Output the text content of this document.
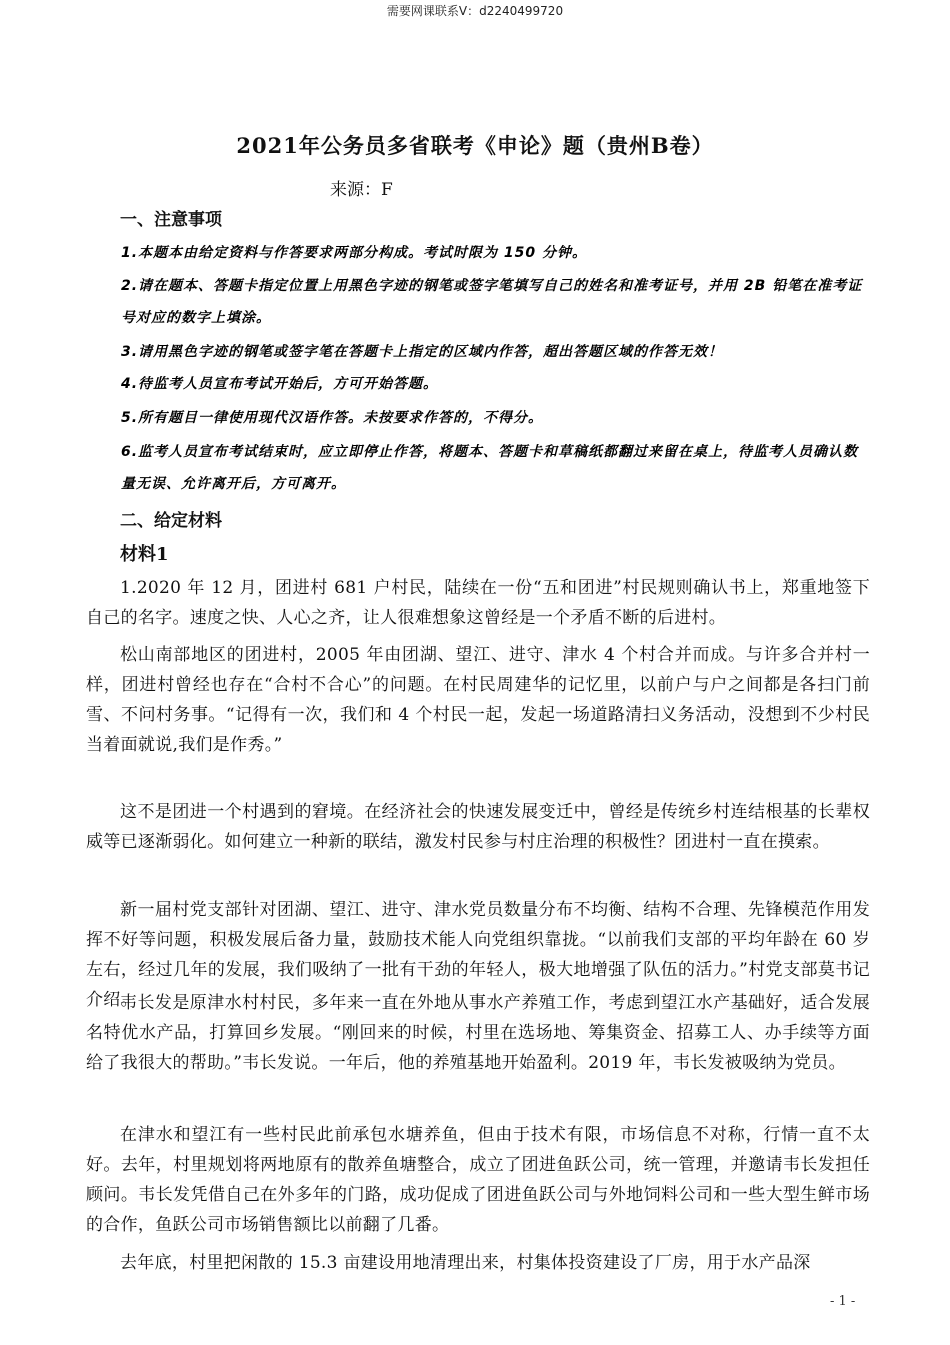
需要网课联系V：d2240499720
2021年公务员多省联考《申论》题（贵州B卷）
来源：F
一、注意事项
1.本题本由给定资料与作答要求两部分构成。考试时限为 150 分钟。
2.请在题本、答题卡指定位置上用黑色字迹的钢笔或签字笔填写自己的姓名和准考证号，并用 2B 铅笔在准考证号对应的数字上填涂。
3.请用黑色字迹的钢笔或签字笔在答题卡上指定的区域内作答，超出答题区域的作答无效！
4.待监考人员宣布考试开始后，方可开始答题。
5.所有题目一律使用现代汉语作答。未按要求作答的，不得分。
6.监考人员宣布考试结束时，应立即停止作答，将题本、答题卡和草稿纸都翻过来留在桌上，待监考人员确认数量无误、允许离开后，方可离开。
二、给定材料
材料1
1.2020 年 12 月，团进村 681 户村民，陆续在一份“五和团进”村民规则确认书上，郑重地签下自己的名字。速度之快、人心之齐，让人很难想象这曾经是一个矛盾不断的后进村。
松山南部地区的团进村，2005 年由团湖、望江、进守、津水 4 个村合并而成。与许多合并村一样，团进村曾经也存在“合村不合心”的问题。在村民周建华的记忆里，以前户与户之间都是各扫门前雪、不问村务事。“记得有一次，我们和 4 个村民一起，发起一场道路清扫义务活动，没想到不少村民当着面就说,我们是作秀。”
这不是团进一个村遇到的窘境。在经济社会的快速发展变迁中，曾经是传统乡村连结根基的长辈权威等已逐渐弱化。如何建立一种新的联结，激发村民参与村庄治理的积极性？团进村一直在摸索。
新一届村党支部针对团湖、望江、进守、津水党员数量分布不均衡、结构不合理、先锋模范作用发挥不好等问题，积极发展后备力量，鼓励技术能人向党组织靠拢。“以前我们支部的平均年龄在 60 岁左右，经过几年的发展，我们吸纳了一批有干劲的年轻人，极大地增强了队伍的活力。”村党支部莫书记介绍。
韦长发是原津水村村民，多年来一直在外地从事水产养殖工作，考虑到望江水产基础好，适合发展名特优水产品，打算回乡发展。“刚回来的时候，村里在选场地、筹集资金、招募工人、办手续等方面给了我很大的帮助。”韦长发说。一年后，他的养殖基地开始盈利。2019 年，韦长发被吸纳为党员。
在津水和望江有一些村民此前承包水塘养鱼，但由于技术有限，市场信息不对称，行情一直不太好。去年，村里规划将两地原有的散养鱼塘整合，成立了团进鱼跃公司，统一管理，并邀请韦长发担任顾问。韦长发凭借自己在外多年的门路，成功促成了团进鱼跃公司与外地饲料公司和一些大型生鲜市场的合作，鱼跃公司市场销售额比以前翻了几番。
去年底，村里把闲散的 15.3 亩建设用地清理出来，村集体投资建设了厂房，用于水产品深
- 1 -
